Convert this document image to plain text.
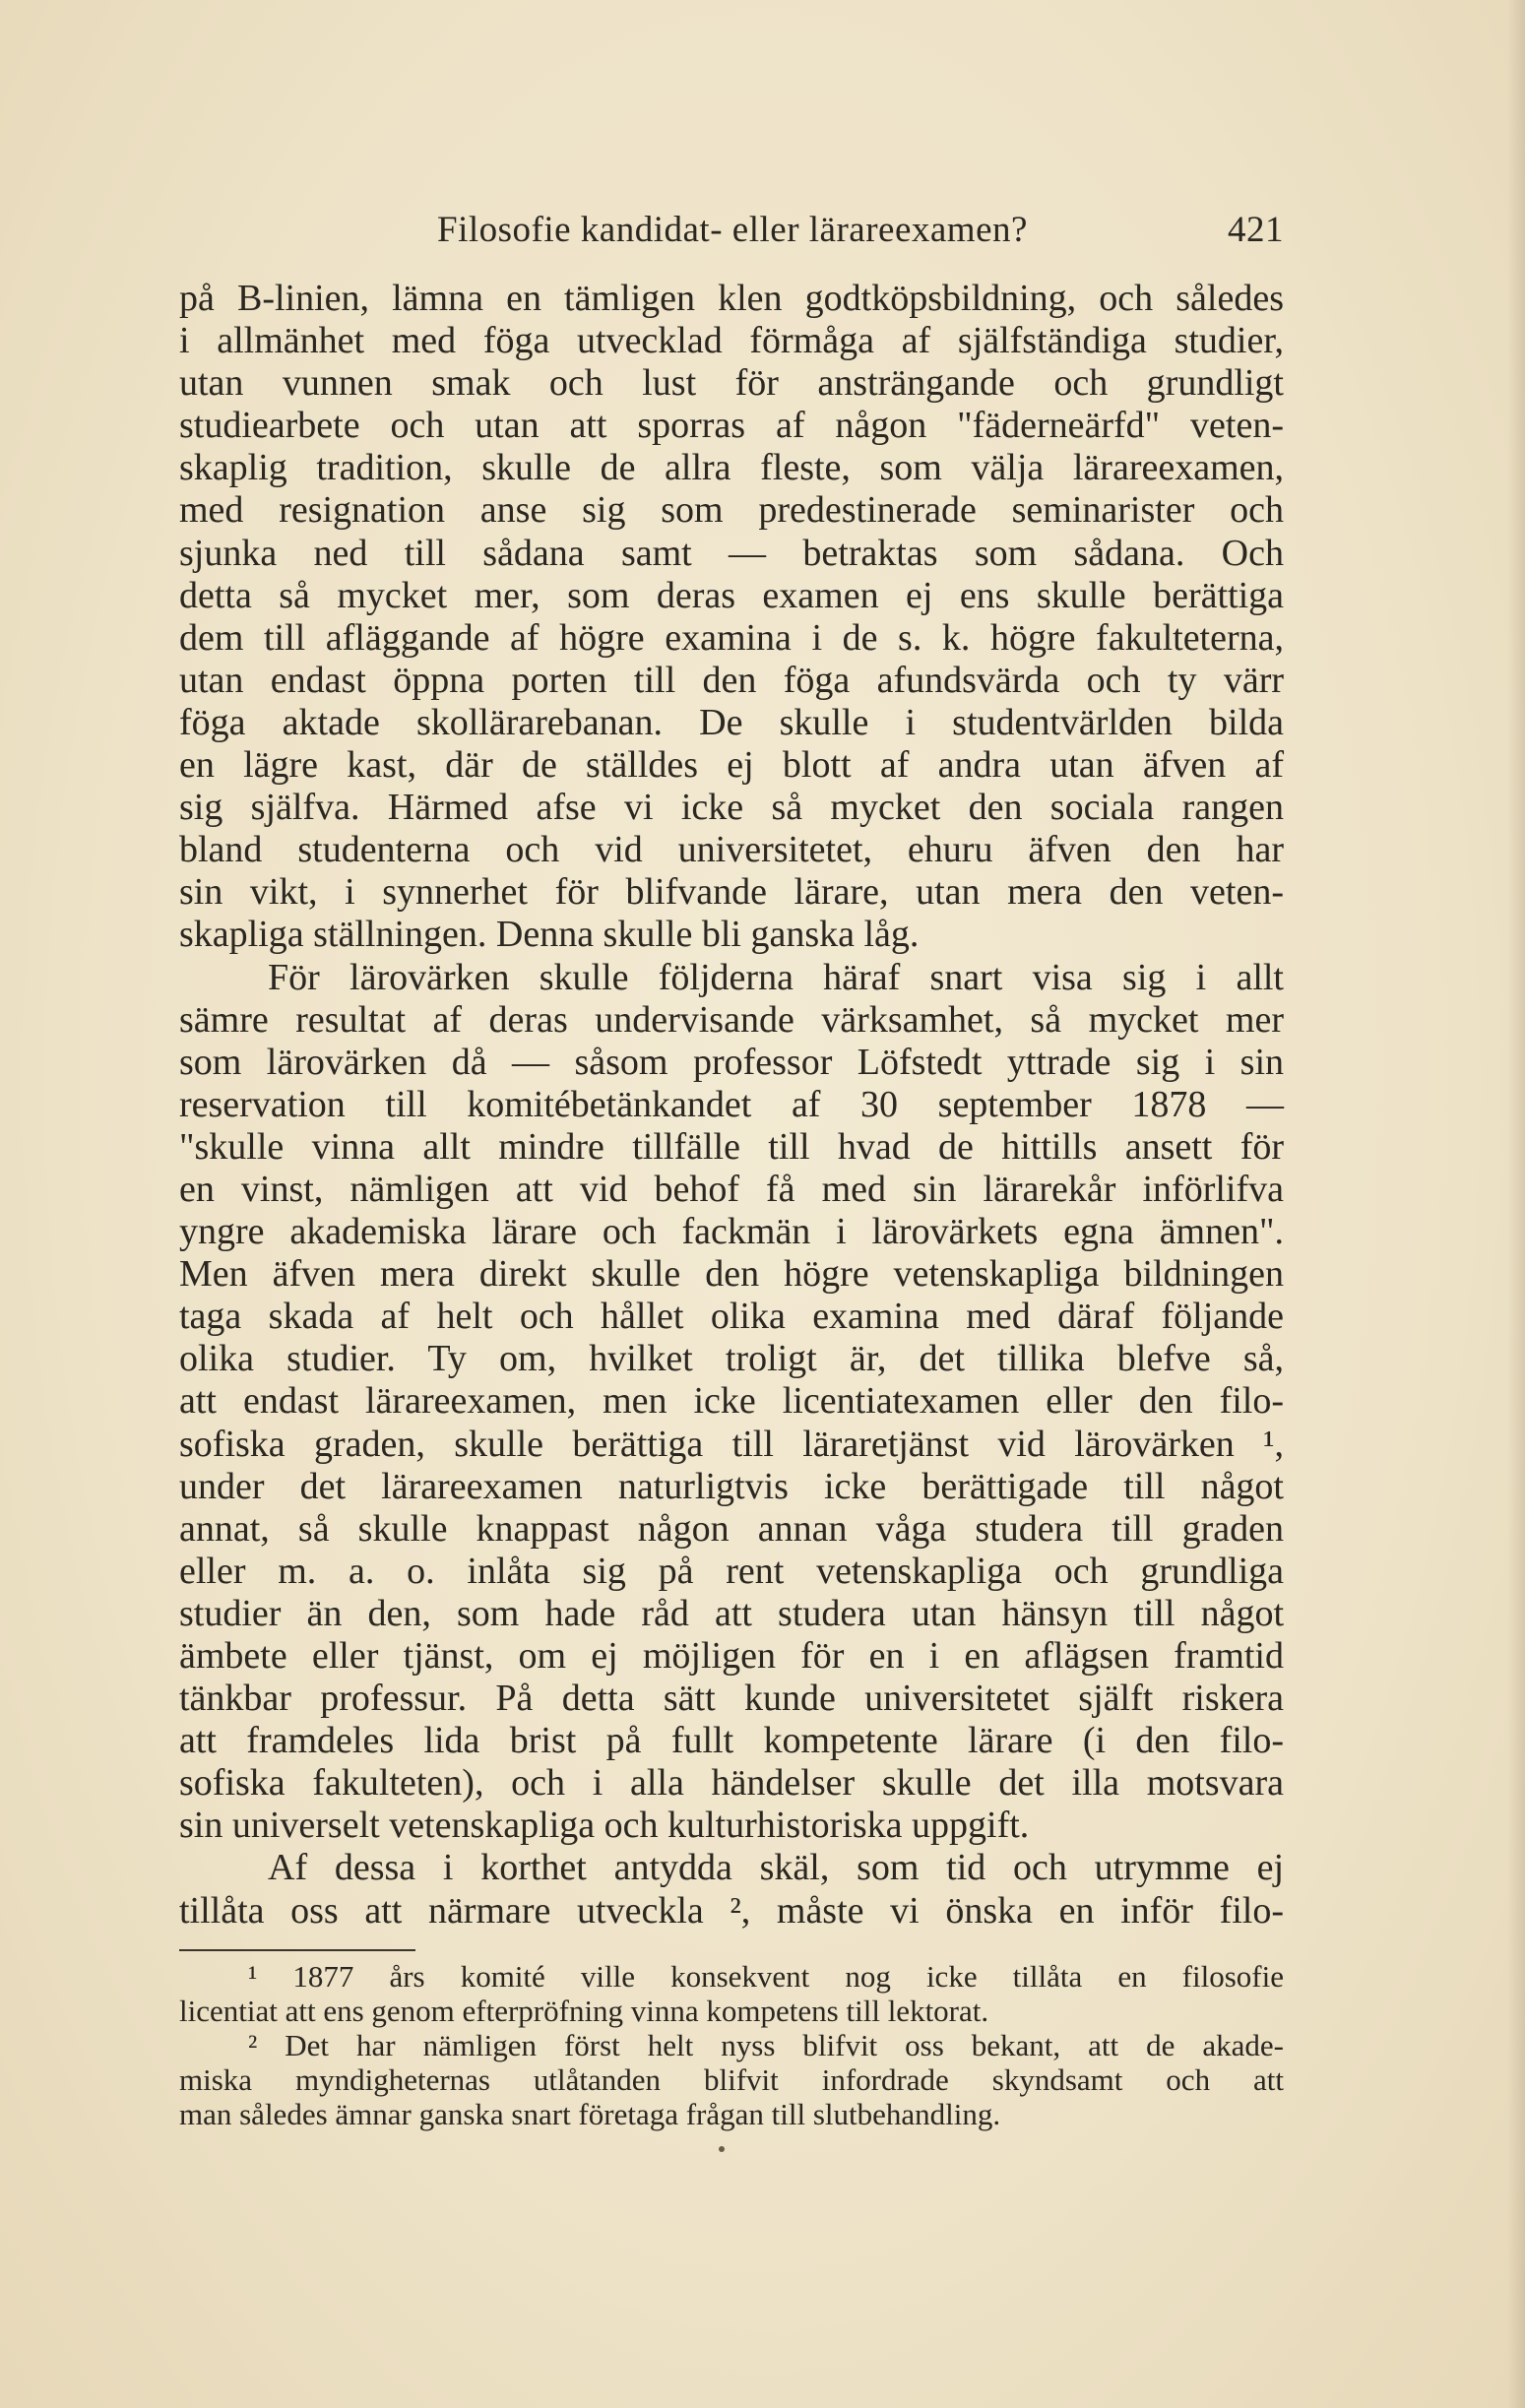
Filosofie kandidat- eller lärareexamen?	421
på B-linien, lämna en tämligen klen godtköpsbildning, och således
i allmänhet med föga utvecklad förmåga af själfständiga studier,
utan vunnen smak och lust för ansträngande och grundligt
studiearbete och utan att sporras af någon "fäderneärfd" veten-
skaplig tradition, skulle de allra fleste, som välja lärareexamen,
med resignation anse sig som predestinerade seminarister och
sjunka ned till sådana samt — betraktas som sådana. Och
detta så mycket mer, som deras examen ej ens skulle berättiga
dem till afläggande af högre examina i de s. k. högre fakulteterna,
utan endast öppna porten till den föga afundsvärda och ty värr
föga aktade skollärarebanan. De skulle i studentvärlden bilda
en lägre kast, där de ställdes ej blott af andra utan äfven af
sig själfva. Härmed afse vi icke så mycket den sociala rangen
bland studenterna och vid universitetet, ehuru äfven den har
sin vikt, i synnerhet för blifvande lärare, utan mera den veten-
skapliga ställningen. Denna skulle bli ganska låg.
För lärovärken skulle följderna häraf snart visa sig i allt
sämre resultat af deras undervisande värksamhet, så mycket mer
som lärovärken då — såsom professor Löfstedt yttrade sig i sin
reservation till komitébetänkandet af 30 september 1878 —
"skulle vinna allt mindre tillfälle till hvad de hittills ansett för
en vinst, nämligen att vid behof få med sin lärarekår införlifva
yngre akademiska lärare och fackmän i lärovärkets egna ämnen".
Men äfven mera direkt skulle den högre vetenskapliga bildningen
taga skada af helt och hållet olika examina med däraf följande
olika studier. Ty om, hvilket troligt är, det tillika blefve så,
att endast lärareexamen, men icke licentiatexamen eller den filo-
sofiska graden, skulle berättiga till läraretjänst vid lärovärken ¹,
under det lärareexamen naturligtvis icke berättigade till något
annat, så skulle knappast någon annan våga studera till graden
eller m. a. o. inlåta sig på rent vetenskapliga och grundliga
studier än den, som hade råd att studera utan hänsyn till något
ämbete eller tjänst, om ej möjligen för en i en aflägsen framtid
tänkbar professur. På detta sätt kunde universitetet själft riskera
att framdeles lida brist på fullt kompetente lärare (i den filo-
sofiska fakulteten), och i alla händelser skulle det illa motsvara
sin universelt vetenskapliga och kulturhistoriska uppgift.
Af dessa i korthet antydda skäl, som tid och utrymme ej
tillåta oss att närmare utveckla ², måste vi önska en inför filo-
¹ 1877 års komité ville konsekvent nog icke tillåta en filosofie
licentiat att ens genom efterpröfning vinna kompetens till lektorat.
² Det har nämligen först helt nyss blifvit oss bekant, att de akade-
miska myndigheternas utlåtanden blifvit infordrade skyndsamt och att
man således ämnar ganska snart företaga frågan till slutbehandling.
